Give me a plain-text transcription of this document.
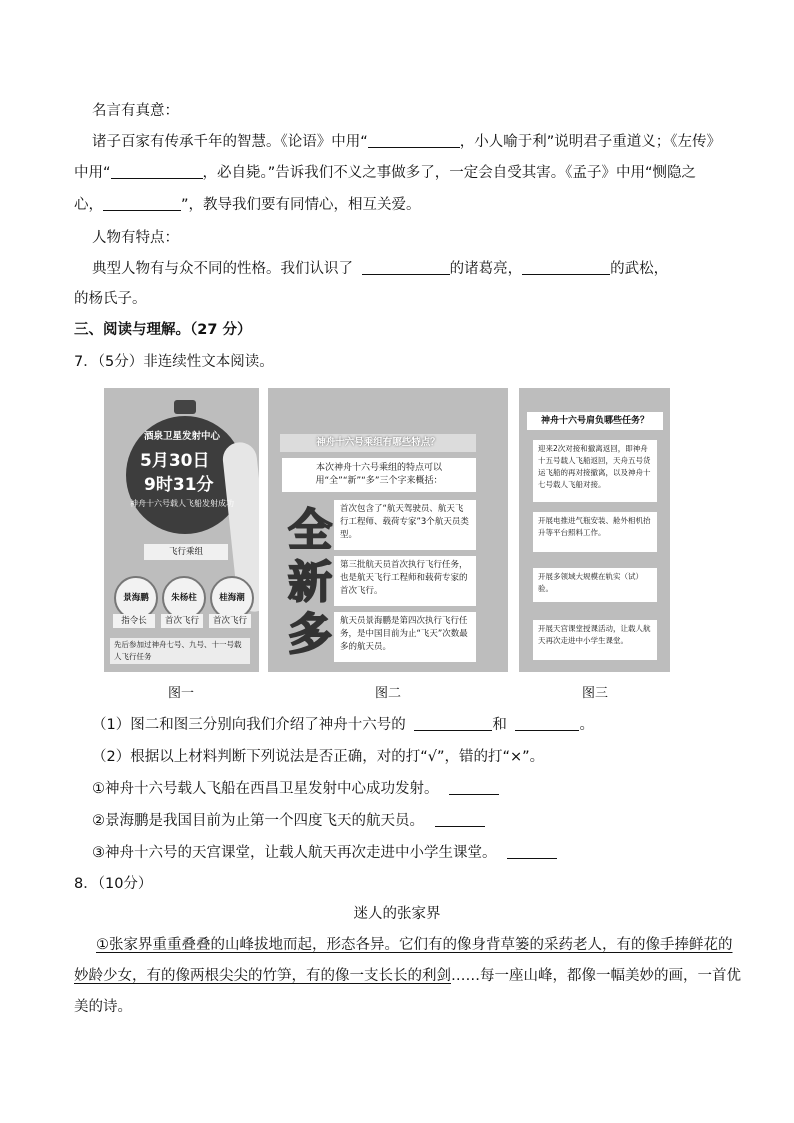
名言有真意：
诸子百家有传承千年的智慧。《论语》中用“	，小人喻于利”说明君子重道义；《左传》
中用“	，必自毙。”告诉我们不义之事做多了，一定会自受其害。《孟子》中用“恻隐之
心，	”，教导我们要有同情心，相互关爱。
人物有特点：
典型人物有与众不同的性格。我们认识了	的诸葛亮，	的武松，
的杨氏子。
三、阅读与理解。（27 分）
7．（5分）非连续性文本阅读。
酒泉卫星发射中心
5月30日
9时31分
神舟十六号载人飞船发射成功
飞行乘组
景海鹏	朱杨柱	桂海潮
指令长	首次飞行	首次飞行
先后参加过神舟七号、九号、十一号载人飞行任务
神舟十六号乘组有哪些特点？
本次神舟十六号乘组的特点可以用“全”“新”“多”三个字来概括：
全
新
多
首次包含了“航天驾驶员、航天飞行工程师、载荷专家”3个航天员类型。
第三批航天员首次执行飞行任务，也是航天飞行工程师和载荷专家的首次飞行。
航天员景海鹏是第四次执行飞行任务，是中国目前为止“飞天”次数最多的航天员。
神舟十六号肩负哪些任务？
迎来2次对接和撤离返回，即神舟十五号载人飞船返回，天舟五号货运飞船的再对接撤离，以及神舟十七号载人飞船对接。
开展电推进气瓶安装、舱外相机抬升等平台照料工作。
开展多领域大规模在轨实（试）验。
开展天宫课堂授课活动，让载人航天再次走进中小学生课堂。
图一	图二	图三
（1）图二和图三分别向我们介绍了神舟十六号的	和	。
（2）根据以上材料判断下列说法是否正确，对的打“√”，错的打“×”。
①神舟十六号载人飞船在西昌卫星发射中心成功发射。
②景海鹏是我国目前为止第一个四度飞天的航天员。
③神舟十六号的天宫课堂，让载人航天再次走进中小学生课堂。
8．（10分）
迷人的张家界
①张家界重重叠叠的山峰拔地而起，形态各异。它们有的像身背草篓的采药老人，有的像手捧鲜花的
妙龄少女，有的像两根尖尖的竹笋，有的像一支长长的利剑……每一座山峰，都像一幅美妙的画，一首优
美的诗。
